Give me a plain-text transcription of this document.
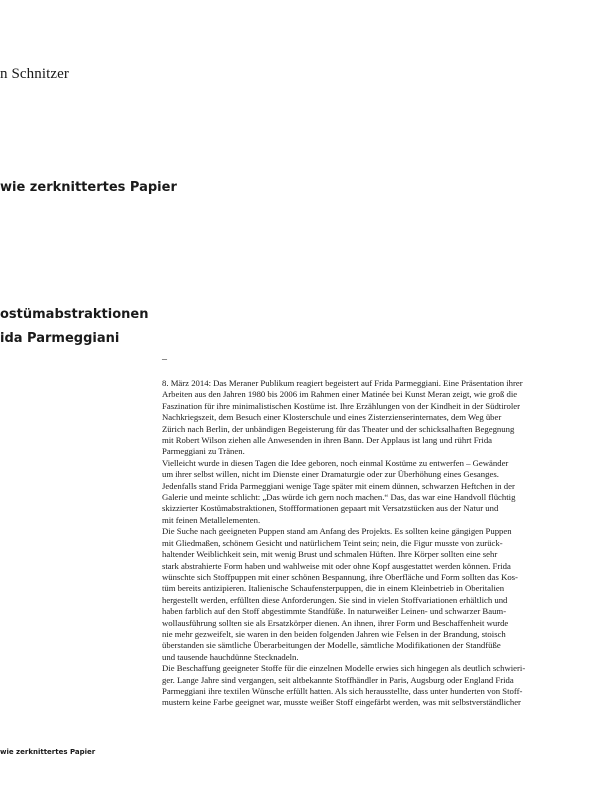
n Schnitzer
wie zerknittertes Papier
ostümabstraktionen
ida Parmeggiani
–
8. März 2014: Das Meraner Publikum reagiert begeistert auf Frida Parmeggiani. Eine Präsentation ihrer
Arbeiten aus den Jahren 1980 bis 2006 im Rahmen einer Matinée bei Kunst Meran zeigt, wie groß die
Faszination für ihre minimalistischen Kostüme ist. Ihre Erzählungen von der Kindheit in der Südtiroler
Nachkriegszeit, dem Besuch einer Klosterschule und eines Zisterzienserinternates, dem Weg über
Zürich nach Berlin, der unbändigen Begeisterung für das Theater und der schicksalhaften Begegnung
mit Robert Wilson ziehen alle Anwesenden in ihren Bann. Der Applaus ist lang und rührt Frida
Parmeggiani zu Tränen.
Vielleicht wurde in diesen Tagen die Idee geboren, noch einmal Kostüme zu entwerfen – Gewänder
um ihrer selbst willen, nicht im Dienste einer Dramaturgie oder zur Überhöhung eines Gesanges.
Jedenfalls stand Frida Parmeggiani wenige Tage später mit einem dünnen, schwarzen Heftchen in der
Galerie und meinte schlicht: „Das würde ich gern noch machen.“ Das, das war eine Handvoll flüchtig
skizzierter Kostümabstraktionen, Stoffformationen gepaart mit Versatzstücken aus der Natur und
mit feinen Metallelementen.
Die Suche nach geeigneten Puppen stand am Anfang des Projekts. Es sollten keine gängigen Puppen
mit Gliedmaßen, schönem Gesicht und natürlichem Teint sein; nein, die Figur musste von zurück-
haltender Weiblichkeit sein, mit wenig Brust und schmalen Hüften. Ihre Körper sollten eine sehr
stark abstrahierte Form haben und wahlweise mit oder ohne Kopf ausgestattet werden können. Frida
wünschte sich Stoffpuppen mit einer schönen Bespannung, ihre Oberfläche und Form sollten das Kos-
tüm bereits antizipieren. Italienische Schaufensterpuppen, die in einem Kleinbetrieb in Oberitalien
hergestellt werden, erfüllten diese Anforderungen. Sie sind in vielen Stoffvariationen erhältlich und
haben farblich auf den Stoff abgestimmte Standfüße. In naturweißer Leinen- und schwarzer Baum-
wollausführung sollten sie als Ersatzkörper dienen. An ihnen, ihrer Form und Beschaffenheit wurde
nie mehr gezweifelt, sie waren in den beiden folgenden Jahren wie Felsen in der Brandung, stoisch
überstanden sie sämtliche Überarbeitungen der Modelle, sämtliche Modifikationen der Standfüße
und tausende hauchdünne Stecknadeln.
Die Beschaffung geeigneter Stoffe für die einzelnen Modelle erwies sich hingegen als deutlich schwieri-
ger. Lange Jahre sind vergangen, seit altbekannte Stoffhändler in Paris, Augsburg oder England Frida
Parmeggiani ihre textilen Wünsche erfüllt hatten. Als sich herausstellte, dass unter hunderten von Stoff-
mustern keine Farbe geeignet war, musste weißer Stoff eingefärbt werden, was mit selbstverständlicher
wie zerknittertes Papier
